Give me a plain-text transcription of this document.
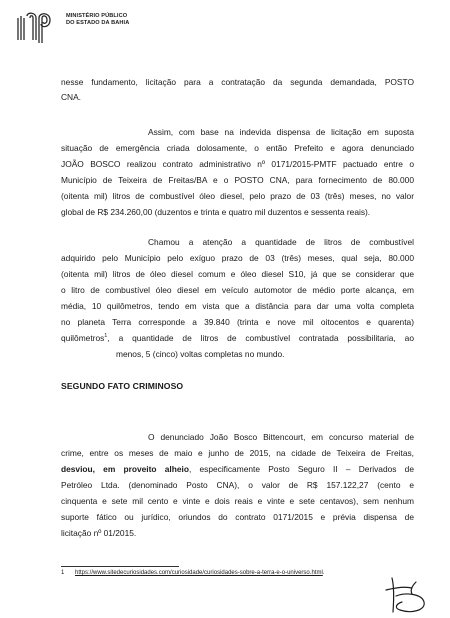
MINISTÉRIO PÚBLICO
DO ESTADO DA BAHIA
nesse fundamento, licitação para a contratação da segunda demandada, POSTO
CNA.
Assim, com base na indevida dispensa de licitação em suposta
situação de emergência criada dolosamente, o então Prefeito e agora denunciado
JOÃO BOSCO realizou contrato administrativo nº 0171/2015-PMTF pactuado entre o
Município de Teixeira de Freitas/BA e o POSTO CNA, para fornecimento de 80.000
(oitenta mil) litros de combustível óleo diesel, pelo prazo de 03 (três) meses, no valor
global de R$ 234.260,00 (duzentos e trinta e quatro mil duzentos e sessenta reais).
Chamou a atenção a quantidade de litros de combustível
adquirido pelo Município pelo exíguo prazo de 03 (três) meses, qual seja, 80.000
(oitenta mil) litros de óleo diesel comum e óleo diesel S10, já que se considerar que
o litro de combustível óleo diesel em veículo automotor de médio porte alcança, em
média, 10 quilômetros, tendo em vista que a distância para dar uma volta completa
no planeta Terra corresponde a 39.840 (trinta e nove mil oitocentos e quarenta)
quilômetros$^1$, a quantidade de litros de combustível contratada possibilitaria, ao
menos, 5 (cinco) voltas completas no mundo.
SEGUNDO FATO CRIMINOSO
O denunciado João Bosco Bittencourt, em concurso material de
crime, entre os meses de maio e junho de 2015, na cidade de Teixeira de Freitas,
desviou, em proveito alheio, especificamente Posto Seguro II – Derivados de
Petróleo Ltda. (denominado Posto CNA), o valor de R$ 157.122,27 (cento e
cinquenta e sete mil cento e vinte e dois reais e vinte e sete centavos), sem nenhum
suporte fático ou jurídico, oriundos do contrato 0171/2015 e prévia dispensa de
licitação nº 01/2015.
1 https://www.sitedecuriosidades.com/curiosidade/curiosidades-sobre-a-terra-e-o-universo.html.
